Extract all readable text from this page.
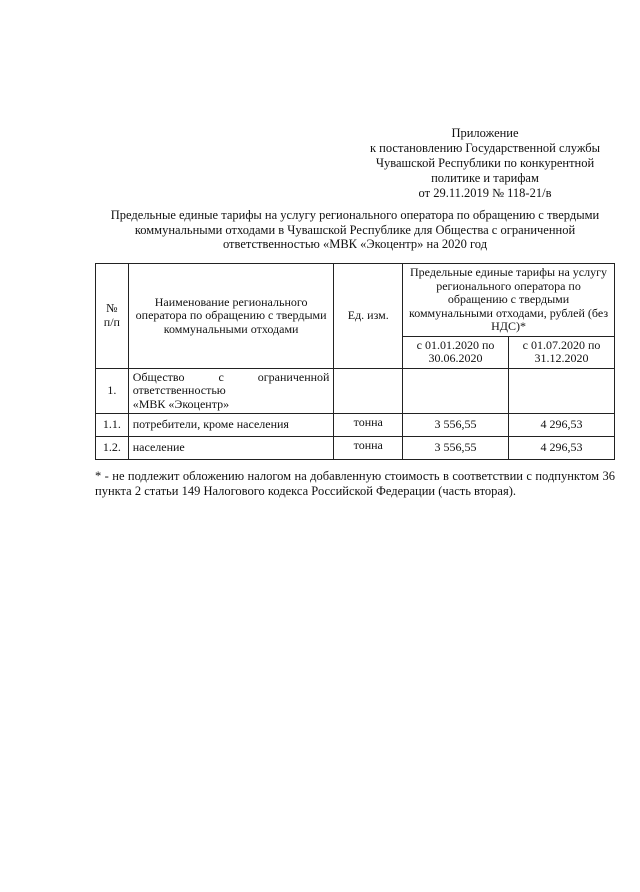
Приложение
к постановлению Государственной службы
Чувашской Республики по конкурентной
политике и тарифам
от 29.11.2019 № 118-21/в
Предельные единые тарифы на услугу регионального оператора по обращению с твердыми
коммунальными отходами в Чувашской Республике для Общества с ограниченной
ответственностью «МВК «Экоцентр» на 2020 год
№ п/п	Наименование регионального оператора по обращению с твердыми коммунальными отходами	Ед. изм.	Предельные единые тарифы на услугу регионального оператора по обращению с твердыми коммунальными отходами, рублей (без НДС)*	
			с 01.01.2020 по 30.06.2020	с 01.07.2020 по 31.12.2020
1.	Общество с ограниченной
ответственностью
«МВК «Экоцентр»			

1.1.	потребители, кроме населения	тонна	3 556,55	4 296,53
1.2.	население	тонна	3 556,55	4 296,53
* - не подлежит обложению налогом на добавленную стоимость в соответствии с подпунктом 36 пункта 2 статьи 149 Налогового кодекса Российской Федерации (часть вторая).
